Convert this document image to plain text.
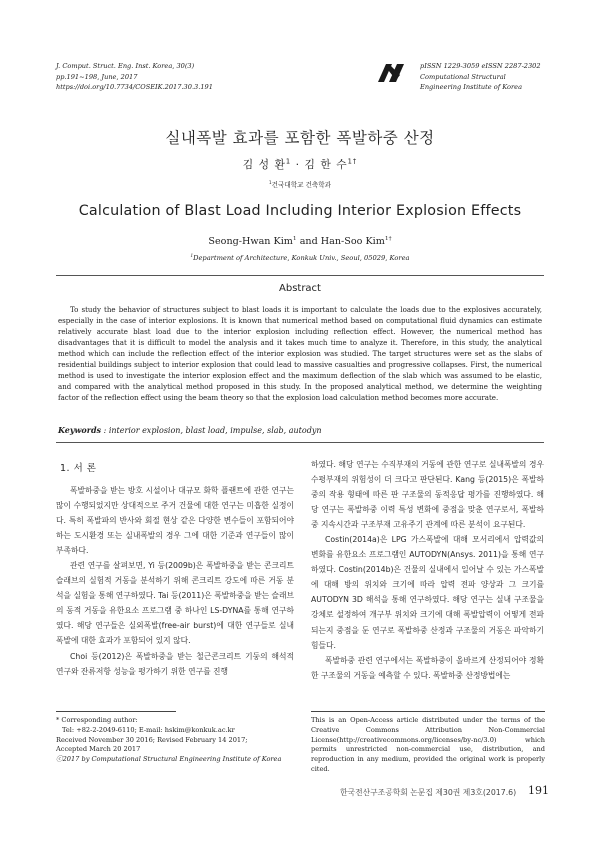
J. Comput. Struct. Eng. Inst. Korea, 30(3)
pp.191~198, June, 2017
https://doi.org/10.7734/COSEIK.2017.30.3.191
pISSN 1229-3059 eISSN 2287-2302
Computational Structural
Engineering Institute of Korea
실내폭발 효과를 포함한 폭발하중 산정
김 성 환$^1$ · 김 한 수$^{1\dagger}$
$^1$건국대학교 건축학과
Calculation of Blast Load Including Interior Explosion Effects
Seong-Hwan Kim$^1$ and Han-Soo Kim$^{1\dagger}$
$^1$Department of Architecture, Konkuk Univ., Seoul, 05029, Korea
Abstract
To study the behavior of structures subject to blast loads it is important to calculate the loads due to the explosives accurately, especially in the case of interior explosions. It is known that numerical method based on computational fluid dynamics can estimate relatively accurate blast load due to the interior explosion including reflection effect. However, the numerical method has disadvantages that it is difficult to model the analysis and it takes much time to analyze it. Therefore, in this study, the analytical method which can include the reflection effect of the interior explosion was studied. The target structures were set as the slabs of residential buildings subject to interior explosion that could lead to massive casualties and progressive collapses. First, the numerical method is used to investigate the interior explosion effect and the maximum deflection of the slab which was assumed to be elastic, and compared with the analytical method proposed in this study. In the proposed analytical method, we determine the weighting factor of the reflection effect using the beam theory so that the explosion load calculation method becomes more accurate.
Keywords : interior explosion, blast load, impulse, slab, autodyn
1. 서 론

폭발하중을 받는 방호 시설이나 대규모 화학 플랜트에 관한 연구는 많이 수행되었지만 상대적으로 주거 건물에 대한 연구는 미흡한 실정이다. 특히 폭발파의 반사와 회절 현상 같은 다양한 변수들이 포함되어야 하는 도시환경 또는 실내폭발의 경우 그에 대한 기준과 연구들이 많이 부족하다.

관련 연구를 살펴보면, Yi 등(2009b)은 폭발하중을 받는 콘크리트 슬래브의 실험적 거동을 분석하기 위해 콘크리트 강도에 따른 거동 분석을 실험을 통해 연구하였다. Tai 등(2011)은 폭발하중을 받는 슬래브의 동적 거동을 유한요소 프로그램 중 하나인 LS-DYNA를 통해 연구하였다. 해당 연구들은 실외폭발(free-air burst)에 대한 연구들로 실내폭발에 대한 효과가 포함되어 있지 않다.

Choi 등(2012)은 폭발하중을 받는 철근콘크리트 기둥의 해석적 연구와 잔류저항 성능을 평가하기 위한 연구를 진행

하였다. 해당 연구는 수직부재의 거동에 관한 연구로 실내폭발의 경우 수평부재의 위험성이 더 크다고 판단된다. Kang 등(2015)은 폭발하중의 작용 형태에 따른 판 구조물의 동적응답 평가를 진행하였다. 해당 연구는 폭발하중 이력 특성 변화에 중점을 맞춘 연구로서, 폭발하중 지속시간과 구조부재 고유주기 관계에 따른 분석이 요구된다.

Costin(2014a)은 LPG 가스폭발에 대해 모서리에서 압력값의 변화를 유한요소 프로그램인 AUTODYN(Ansys. 2011)을 통해 연구하였다. Costin(2014b)은 건물의 실내에서 일어날 수 있는 가스폭발에 대해 방의 위치와 크기에 따라 압력 전파 양상과 그 크기를 AUTODYN 3D 해석을 통해 연구하였다. 해당 연구는 실내 구조물을 강체로 설정하여 개구부 위치와 크기에 대해 폭발압력이 어떻게 전파되는지 중점을 둔 연구로 폭발하중 산정과 구조물의 거동은 파악하기 힘들다.

폭발하중 관련 연구에서는 폭발하중이 올바르게 산정되어야 정확한 구조물의 거동을 예측할 수 있다. 폭발하중 산정방법에는

* Corresponding author:
Tel: +82-2-2049-6110; E-mail: hskim@konkuk.ac.kr
Received November 30 2016; Revised February 14 2017;
Accepted March 20 2017
ⓒ2017 by Computational Structural Engineering Institute of Korea
This is an Open-Access article distributed under the terms of the Creative Commons Attribution Non-Commercial License(http://creativecommons.org/licenses/by-nc/3.0) which permits unrestricted non-commercial use, distribution, and reproduction in any medium, provided the original work is properly cited.
한국전산구조공학회 논문집 제30권 제3호(2017.6) 191
